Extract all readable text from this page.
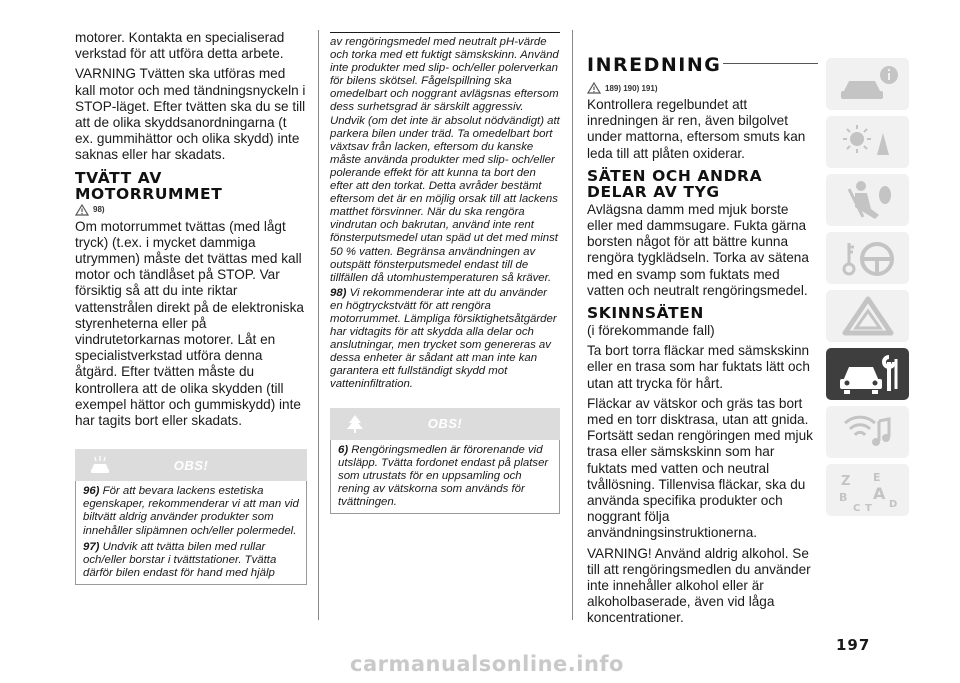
motorer. Kontakta en specialiserad verkstad för att utföra detta arbete.

VARNING Tvätten ska utföras med kall motor och med tändningsnyckeln i STOP-läget. Efter tvätten ska du se till att de olika skyddsanordningarna (t ex. gummihättor och olika skydd) inte saknas eller har skadats.

TVÄTT AV
MOTORRUMMET
98)

Om motorrummet tvättas (med lågt tryck) (t.ex. i mycket dammiga utrymmen) måste det tvättas med kall motor och tändlåset på STOP. Var försiktig så att du inte riktar vattenstrålen direkt på de elektroniska styrenheterna eller på vindrutetorkarnas motorer. Låt en specialistverkstad utföra denna åtgärd. Efter tvätten måste du kontrollera att de olika skydden (till exempel hättor och gummiskydd) inte har tagits bort eller skadats.

OBS!

96) För att bevara lackens estetiska egenskaper, rekommenderar vi att man vid biltvätt aldrig använder produkter som innehåller slipämnen och/eller polermedel.

97) Undvik att tvätta bilen med rullar och/eller borstar i tvättstationer. Tvätta därför bilen endast för hand med hjälp

av rengöringsmedel med neutralt pH-värde och torka med ett fuktigt sämskskinn. Använd inte produkter med slip- och/eller polerverkan för bilens skötsel. Fågelspillning ska omedelbart och noggrant avlägsnas eftersom dess surhetsgrad är särskilt aggressiv. Undvik (om det inte är absolut nödvändigt) att parkera bilen under träd. Ta omedelbart bort växtsav från lacken, eftersom du kanske måste använda produkter med slip- och/eller polerande effekt för att kunna ta bort den efter att den torkat. Detta avråder bestämt eftersom det är en möjlig orsak till att lackens matthet försvinner. När du ska rengöra vindrutan och bakrutan, använd inte rent fönsterputsmedel utan späd ut det med minst 50 % vatten. Begränsa användningen av outspätt fönsterputsmedel endast till de tillfällen då utomhustemperaturen så kräver.

98) Vi rekommenderar inte att du använder en högtryckstvätt för att rengöra motorrummet. Lämpliga försiktighetsåtgärder har vidtagits för att skydda alla delar och anslutningar, men trycket som genereras av dessa enheter är sådant att man inte kan garantera ett fullständigt skydd mot vatteninfiltration.

OBS!

6) Rengöringsmedlen är förorenande vid utsläpp. Tvätta fordonet endast på platser som utrustats för en uppsamling och rening av vätskorna som används för tvättningen.

INREDNING
189) 190) 191)

Kontrollera regelbundet att inredningen är ren, även bilgolvet under mattorna, eftersom smuts kan leda till att plåten oxiderar.

SÄTEN OCH ANDRA
DELAR AV TYG

Avlägsna damm med mjuk borste eller med dammsugare. Fukta gärna borsten något för att bättre kunna rengöra tygklädseln. Torka av sätena med en svamp som fuktats med vatten och neutralt rengöringsmedel.

SKINNSÄTEN

(i förekommande fall)

Ta bort torra fläckar med sämskskinn eller en trasa som har fuktats lätt och utan att trycka för hårt.

Fläckar av vätskor och gräs tas bort med en torr disktrasa, utan att gnida. Fortsätt sedan rengöringen med mjuk trasa eller sämskskinn som har fuktats med vatten och neutral tvållösning. Tillenvisa fläckar, ska du använda specifika produkter och noggrant följa användningsinstruktionerna.

VARNING! Använd aldrig alkohol. Se till att rengöringsmedlen du använder inte innehåller alkohol eller är alkoholbaserade, även vid låga koncentrationer.

Z E
B A
C T D
197
carmanualsonline.info
